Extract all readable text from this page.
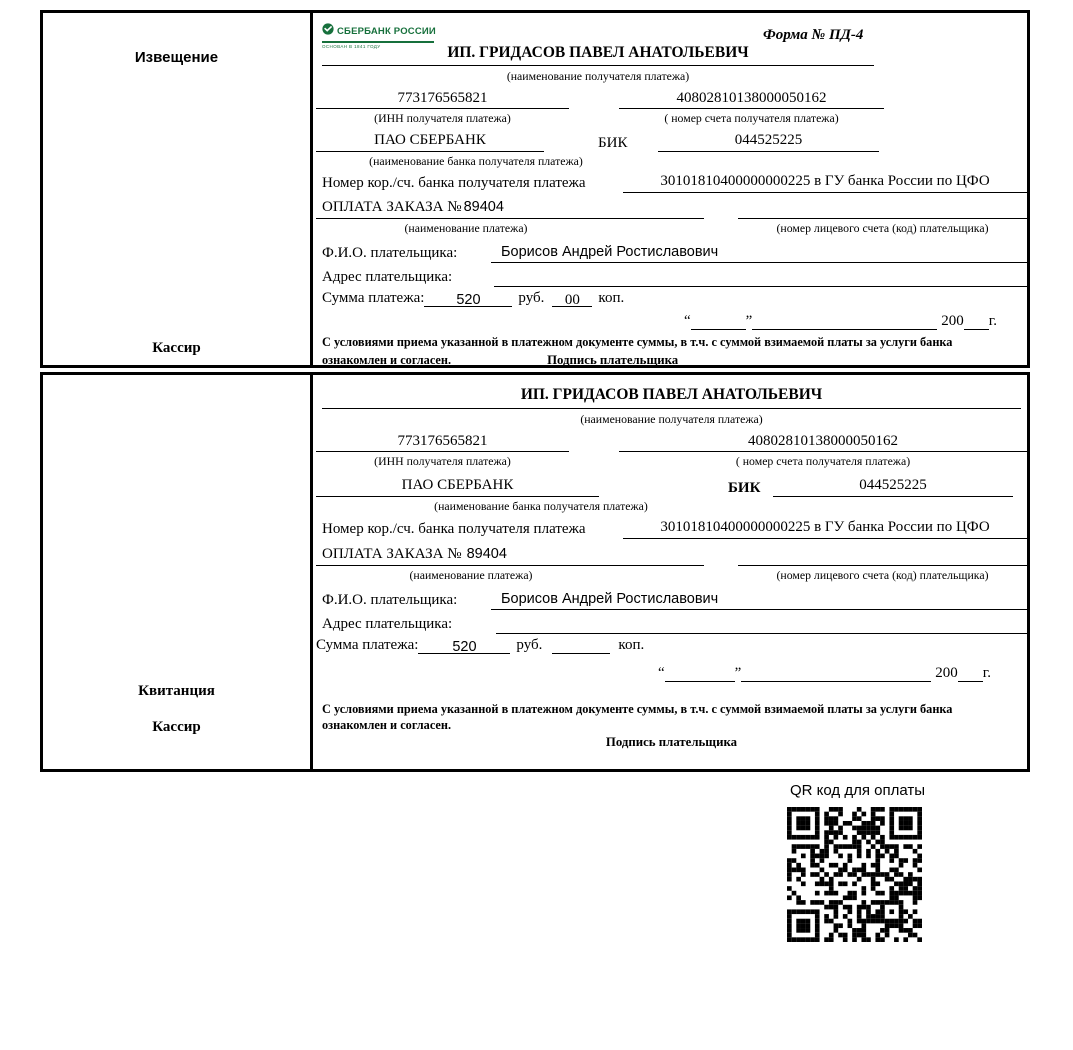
Извещение
Кассир
СБЕРБАНК РОССИИ
ОСНОВАН В 1841 ГОДУ
Форма № ПД-4
ИП. ГРИДАСОВ ПАВЕЛ АНАТОЛЬЕВИЧ
(наименование получателя платежа)
773176565821	40802810138000050162
(ИНН получателя платежа)	( номер счета получателя платежа)
ПАО СБЕРБАНК	БИК	044525225
(наименование банка получателя платежа)
Номер кор./сч. банка получателя платежа	30101810400000000225 в ГУ банка России по ЦФО
ОПЛАТА ЗАКАЗА № 89404
(наименование платежа)	(номер лицевого счета (код) плательщика)
Ф.И.О. плательщика:	Борисов Андрей Ростиславович
Адрес плательщика:
Сумма платежа:	520	руб.	00	коп.
“	”	200 г.
С условиями приема указанной в платежном документе суммы, в т.ч. с суммой взимаемой платы за услуги банка
ознакомлен и согласен.	Подпись плательщика
Квитанция
Кассир
ИП. ГРИДАСОВ ПАВЕЛ АНАТОЛЬЕВИЧ
(наименование получателя платежа)
773176565821	40802810138000050162
(ИНН получателя платежа)	( номер счета получателя платежа)
ПАО СБЕРБАНК	БИК	044525225
(наименование банка получателя платежа)
Номер кор./сч. банка получателя платежа	30101810400000000225 в ГУ банка России по ЦФО
ОПЛАТА ЗАКАЗА № 89404
(наименование платежа)	(номер лицевого счета (код) плательщика)
Ф.И.О. плательщика:	Борисов Андрей Ростиславович
Адрес плательщика:
Сумма платежа:	520	руб.	коп.
“	”	200 г.
С условиями приема указанной в платежном документе суммы, в т.ч. с суммой взимаемой платы за услуги банка
ознакомлен и согласен.
Подпись плательщика
QR код для оплаты
